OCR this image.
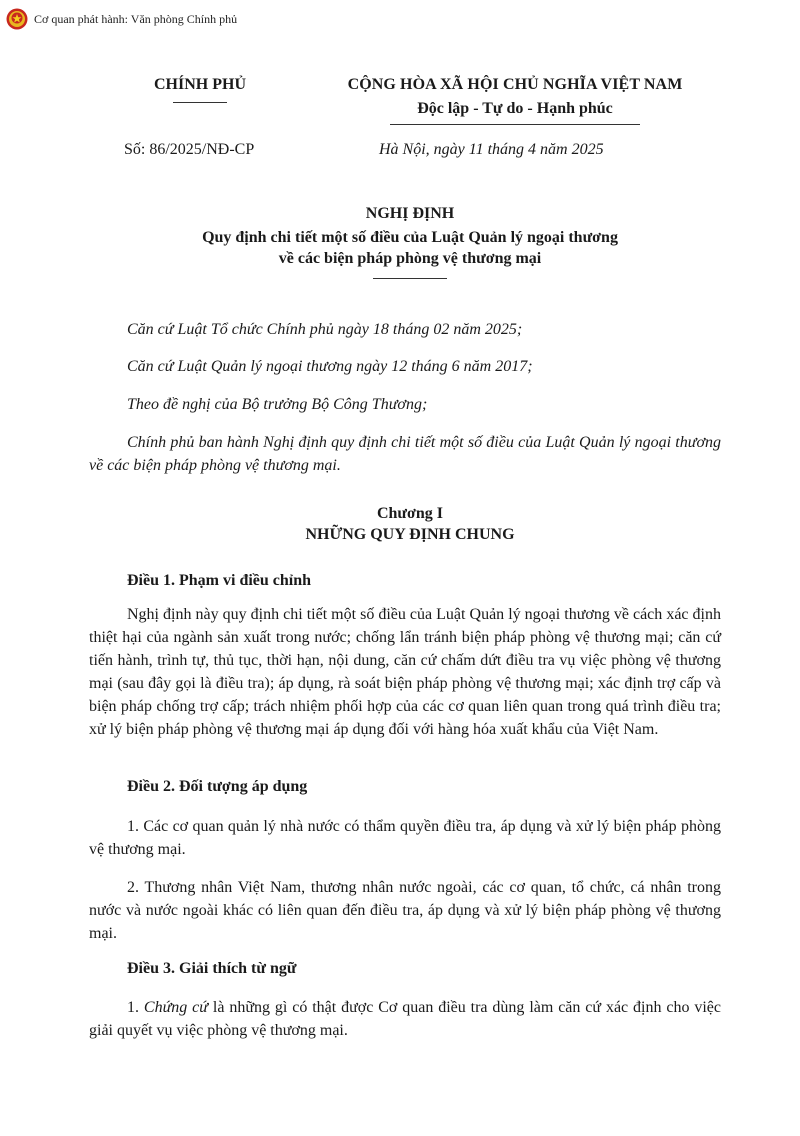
Cơ quan phát hành: Văn phòng Chính phủ
CHÍNH PHỦ	CỘNG HÒA XÃ HỘI CHỦ NGHĨA VIỆT NAM
Độc lập - Tự do - Hạnh phúc
Số: 86/2025/NĐ-CP	Hà Nội, ngày 11 tháng 4 năm 2025
NGHỊ ĐỊNH
Quy định chi tiết một số điều của Luật Quản lý ngoại thương
về các biện pháp phòng vệ thương mại
Căn cứ Luật Tổ chức Chính phủ ngày 18 tháng 02 năm 2025;
Căn cứ Luật Quản lý ngoại thương ngày 12 tháng 6 năm 2017;
Theo đề nghị của Bộ trưởng Bộ Công Thương;
Chính phủ ban hành Nghị định quy định chi tiết một số điều của Luật Quản lý ngoại thương về các biện pháp phòng vệ thương mại.
Chương I
NHỮNG QUY ĐỊNH CHUNG
Điều 1. Phạm vi điều chỉnh
Nghị định này quy định chi tiết một số điều của Luật Quản lý ngoại thương về cách xác định thiệt hại của ngành sản xuất trong nước; chống lẩn tránh biện pháp phòng vệ thương mại; căn cứ tiến hành, trình tự, thủ tục, thời hạn, nội dung, căn cứ chấm dứt điều tra vụ việc phòng vệ thương mại (sau đây gọi là điều tra); áp dụng, rà soát biện pháp phòng vệ thương mại; xác định trợ cấp và biện pháp chống trợ cấp; trách nhiệm phối hợp của các cơ quan liên quan trong quá trình điều tra; xử lý biện pháp phòng vệ thương mại áp dụng đối với hàng hóa xuất khẩu của Việt Nam.
Điều 2. Đối tượng áp dụng
1. Các cơ quan quản lý nhà nước có thẩm quyền điều tra, áp dụng và xử lý biện pháp phòng vệ thương mại.
2. Thương nhân Việt Nam, thương nhân nước ngoài, các cơ quan, tổ chức, cá nhân trong nước và nước ngoài khác có liên quan đến điều tra, áp dụng và xử lý biện pháp phòng vệ thương mại.
Điều 3. Giải thích từ ngữ
1. Chứng cứ là những gì có thật được Cơ quan điều tra dùng làm căn cứ xác định cho việc giải quyết vụ việc phòng vệ thương mại.
